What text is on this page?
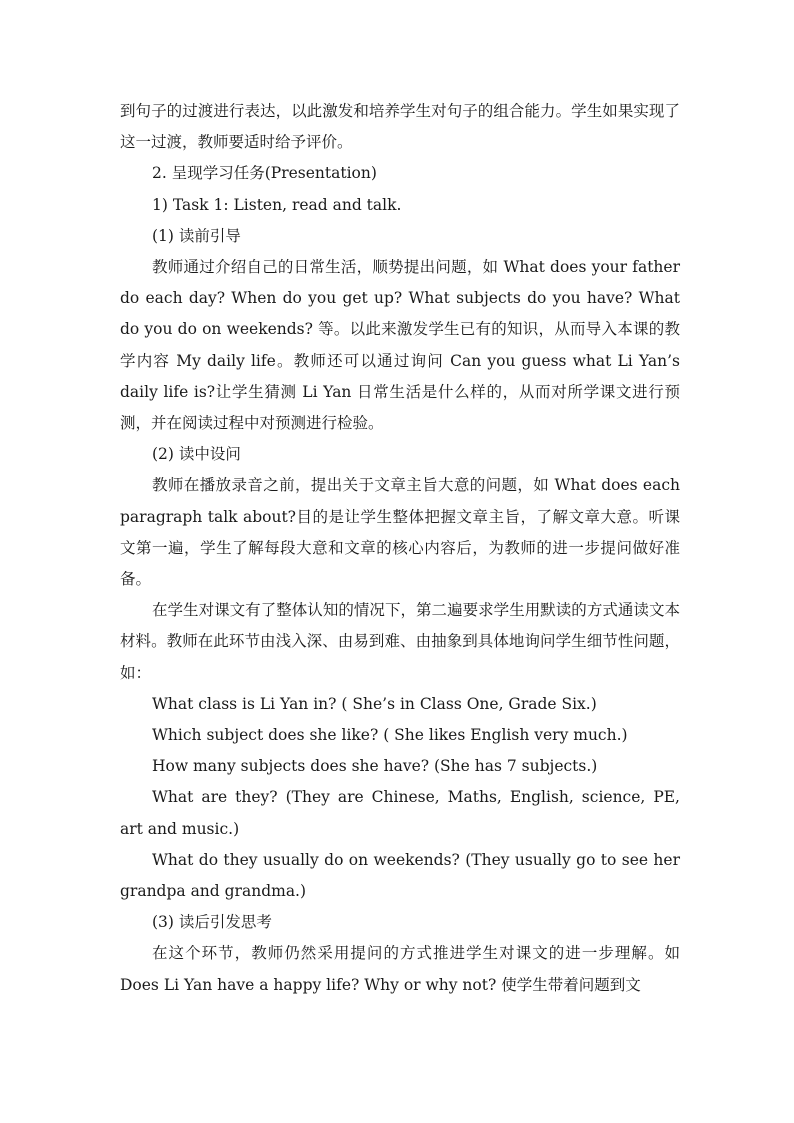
到句子的过渡进行表达，以此激发和培养学生对句子的组合能力。学生如果实现了这一过渡，教师要适时给予评价。

2. 呈现学习任务(Presentation)

1) Task 1: Listen, read and talk.

(1) 读前引导

教师通过介绍自己的日常生活，顺势提出问题，如 What does your father do each day? When do you get up? What subjects do you have? What do you do on weekends? 等。以此来激发学生已有的知识，从而导入本课的教学内容 My daily life。教师还可以通过询问 Can you guess what Li Yan’s daily life is?让学生猜测 Li Yan 日常生活是什么样的，从而对所学课文进行预测，并在阅读过程中对预测进行检验。

(2) 读中设问

教师在播放录音之前，提出关于文章主旨大意的问题，如 What does each paragraph talk about?目的是让学生整体把握文章主旨，了解文章大意。听课文第一遍，学生了解每段大意和文章的核心内容后，为教师的进一步提问做好准备。

在学生对课文有了整体认知的情况下，第二遍要求学生用默读的方式通读文本材料。教师在此环节由浅入深、由易到难、由抽象到具体地询问学生细节性问题，如：

What class is Li Yan in? ( She’s in Class One, Grade Six.)

Which subject does she like? ( She likes English very much.)

How many subjects does she have? (She has 7 subjects.)

What are they? (They are Chinese, Maths, English, science, PE, art and music.)

What do they usually do on weekends? (They usually go to see her grandpa and grandma.)

(3) 读后引发思考

在这个环节，教师仍然采用提问的方式推进学生对课文的进一步理解。如 Does Li Yan have a happy life? Why or why not? 使学生带着问题到文
